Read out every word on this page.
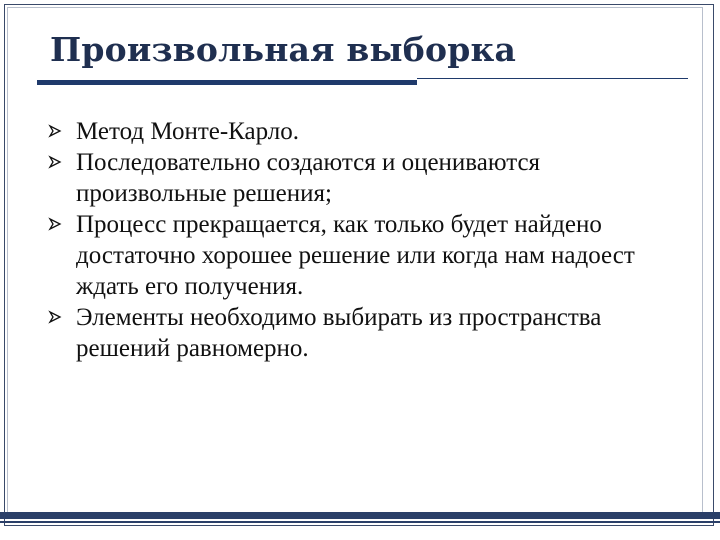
Произвольная выборка
Метод Монте-Карло.
Последовательно создаются и оцениваются произвольные решения;
Процесс прекращается, как только будет найдено достаточно хорошее решение или когда нам надоест ждать его получения.
Элементы необходимо выбирать из пространства решений равномерно.
